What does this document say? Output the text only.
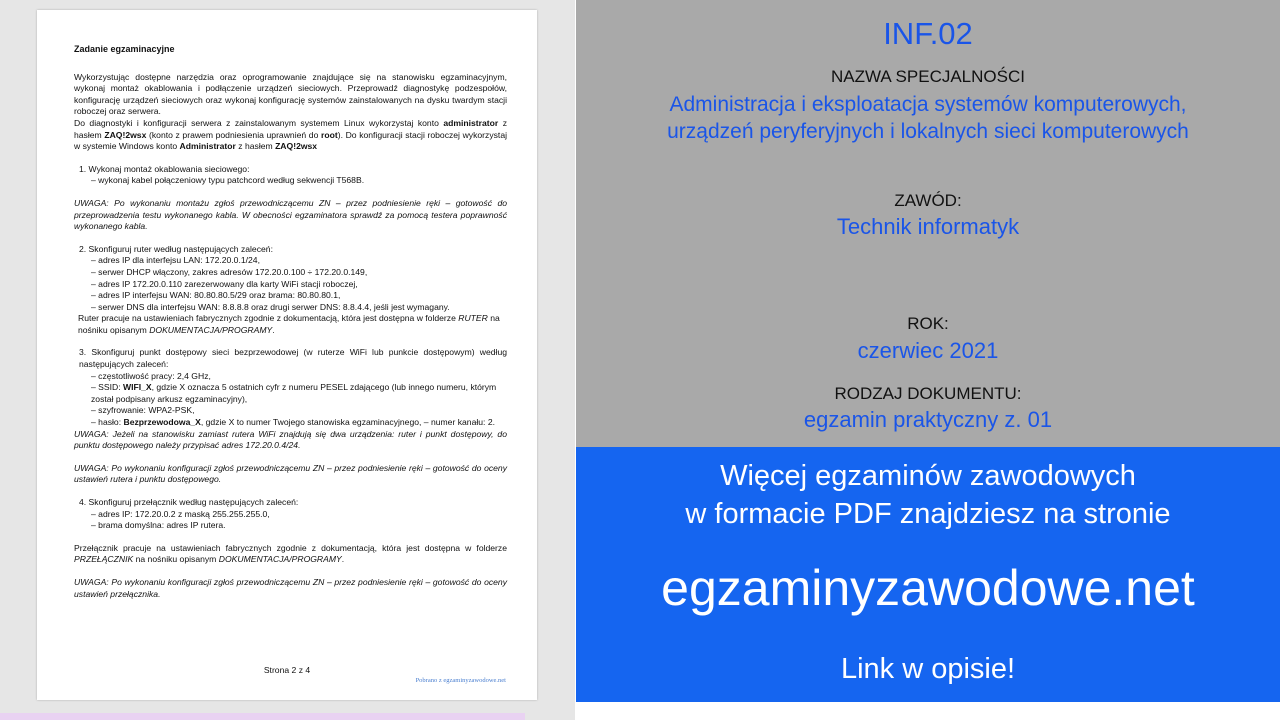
Zadanie egzaminacyjne

Wykorzystując dostępne narzędzia oraz oprogramowanie znajdujące się na stanowisku egzaminacyjnym, wykonaj montaż okablowania i podłączenie urządzeń sieciowych. Przeprowadź diagnostykę podzespołów, konfigurację urządzeń sieciowych oraz wykonaj konfigurację systemów zainstalowanych na dysku twardym stacji roboczej oraz serwera.

Do diagnostyki i konfiguracji serwera z zainstalowanym systemem Linux wykorzystaj konto administrator z hasłem ZAQ!2wsx (konto z prawem podniesienia uprawnień do root). Do konfiguracji stacji roboczej wykorzystaj w systemie Windows konto Administrator z hasłem ZAQ!2wsx

1. Wykonaj montaż okablowania sieciowego:

– wykonaj kabel połączeniowy typu patchcord według sekwencji T568B.

UWAGA: Po wykonaniu montażu zgłoś przewodniczącemu ZN – przez podniesienie ręki – gotowość do przeprowadzenia testu wykonanego kabla. W obecności egzaminatora sprawdź za pomocą testera poprawność wykonanego kabla.

2. Skonfiguruj ruter według następujących zaleceń:

– adres IP dla interfejsu LAN: 172.20.0.1/24,

– serwer DHCP włączony, zakres adresów 172.20.0.100 ÷ 172.20.0.149,

– adres IP 172.20.0.110 zarezerwowany dla karty WiFi stacji roboczej,

– adres IP interfejsu WAN: 80.80.80.5/29 oraz brama: 80.80.80.1,

– serwer DNS dla interfejsu WAN: 8.8.8.8 oraz drugi serwer DNS: 8.8.4.4, jeśli jest wymagany.

Ruter pracuje na ustawieniach fabrycznych zgodnie z dokumentacją, która jest dostępna w folderze RUTER na nośniku opisanym DOKUMENTACJA/PROGRAMY.

3. Skonfiguruj punkt dostępowy sieci bezprzewodowej (w ruterze WiFi lub punkcie dostępowym) według następujących zaleceń:

– częstotliwość pracy: 2,4 GHz,

– SSID: WIFI_X, gdzie X oznacza 5 ostatnich cyfr z numeru PESEL zdającego (lub innego numeru, którym został podpisany arkusz egzaminacyjny),

– szyfrowanie: WPA2-PSK,

– hasło: Bezprzewodowa_X, gdzie X to numer Twojego stanowiska egzaminacyjnego, – numer kanału: 2.

UWAGA: Jeżeli na stanowisku zamiast rutera WiFi znajdują się dwa urządzenia: ruter i punkt dostępowy, do punktu dostępowego należy przypisać adres 172.20.0.4/24.

UWAGA: Po wykonaniu konfiguracji zgłoś przewodniczącemu ZN – przez podniesienie ręki – gotowość do oceny ustawień rutera i punktu dostępowego.

4. Skonfiguruj przełącznik według następujących zaleceń:

– adres IP: 172.20.0.2 z maską 255.255.255.0,

– brama domyślna: adres IP rutera.

Przełącznik pracuje na ustawieniach fabrycznych zgodnie z dokumentacją, która jest dostępna w folderze PRZEŁĄCZNIK na nośniku opisanym DOKUMENTACJA/PROGRAMY.

UWAGA: Po wykonaniu konfiguracji zgłoś przewodniczącemu ZN – przez podniesienie ręki – gotowość do oceny ustawień przełącznika.

Strona 2 z 4
Pobrano z egzaminyzawodowe.net
INF.02
NAZWA SPECJALNOŚCI
Administracja i eksploatacja systemów komputerowych,
urządzeń peryferyjnych i lokalnych sieci komputerowych
ZAWÓD:
Technik informatyk
ROK:
czerwiec 2021
RODZAJ DOKUMENTU:
egzamin praktyczny z. 01
Więcej egzaminów zawodowych
w formacie PDF znajdziesz na stronie
egzaminyzawodowe.net
Link w opisie!
